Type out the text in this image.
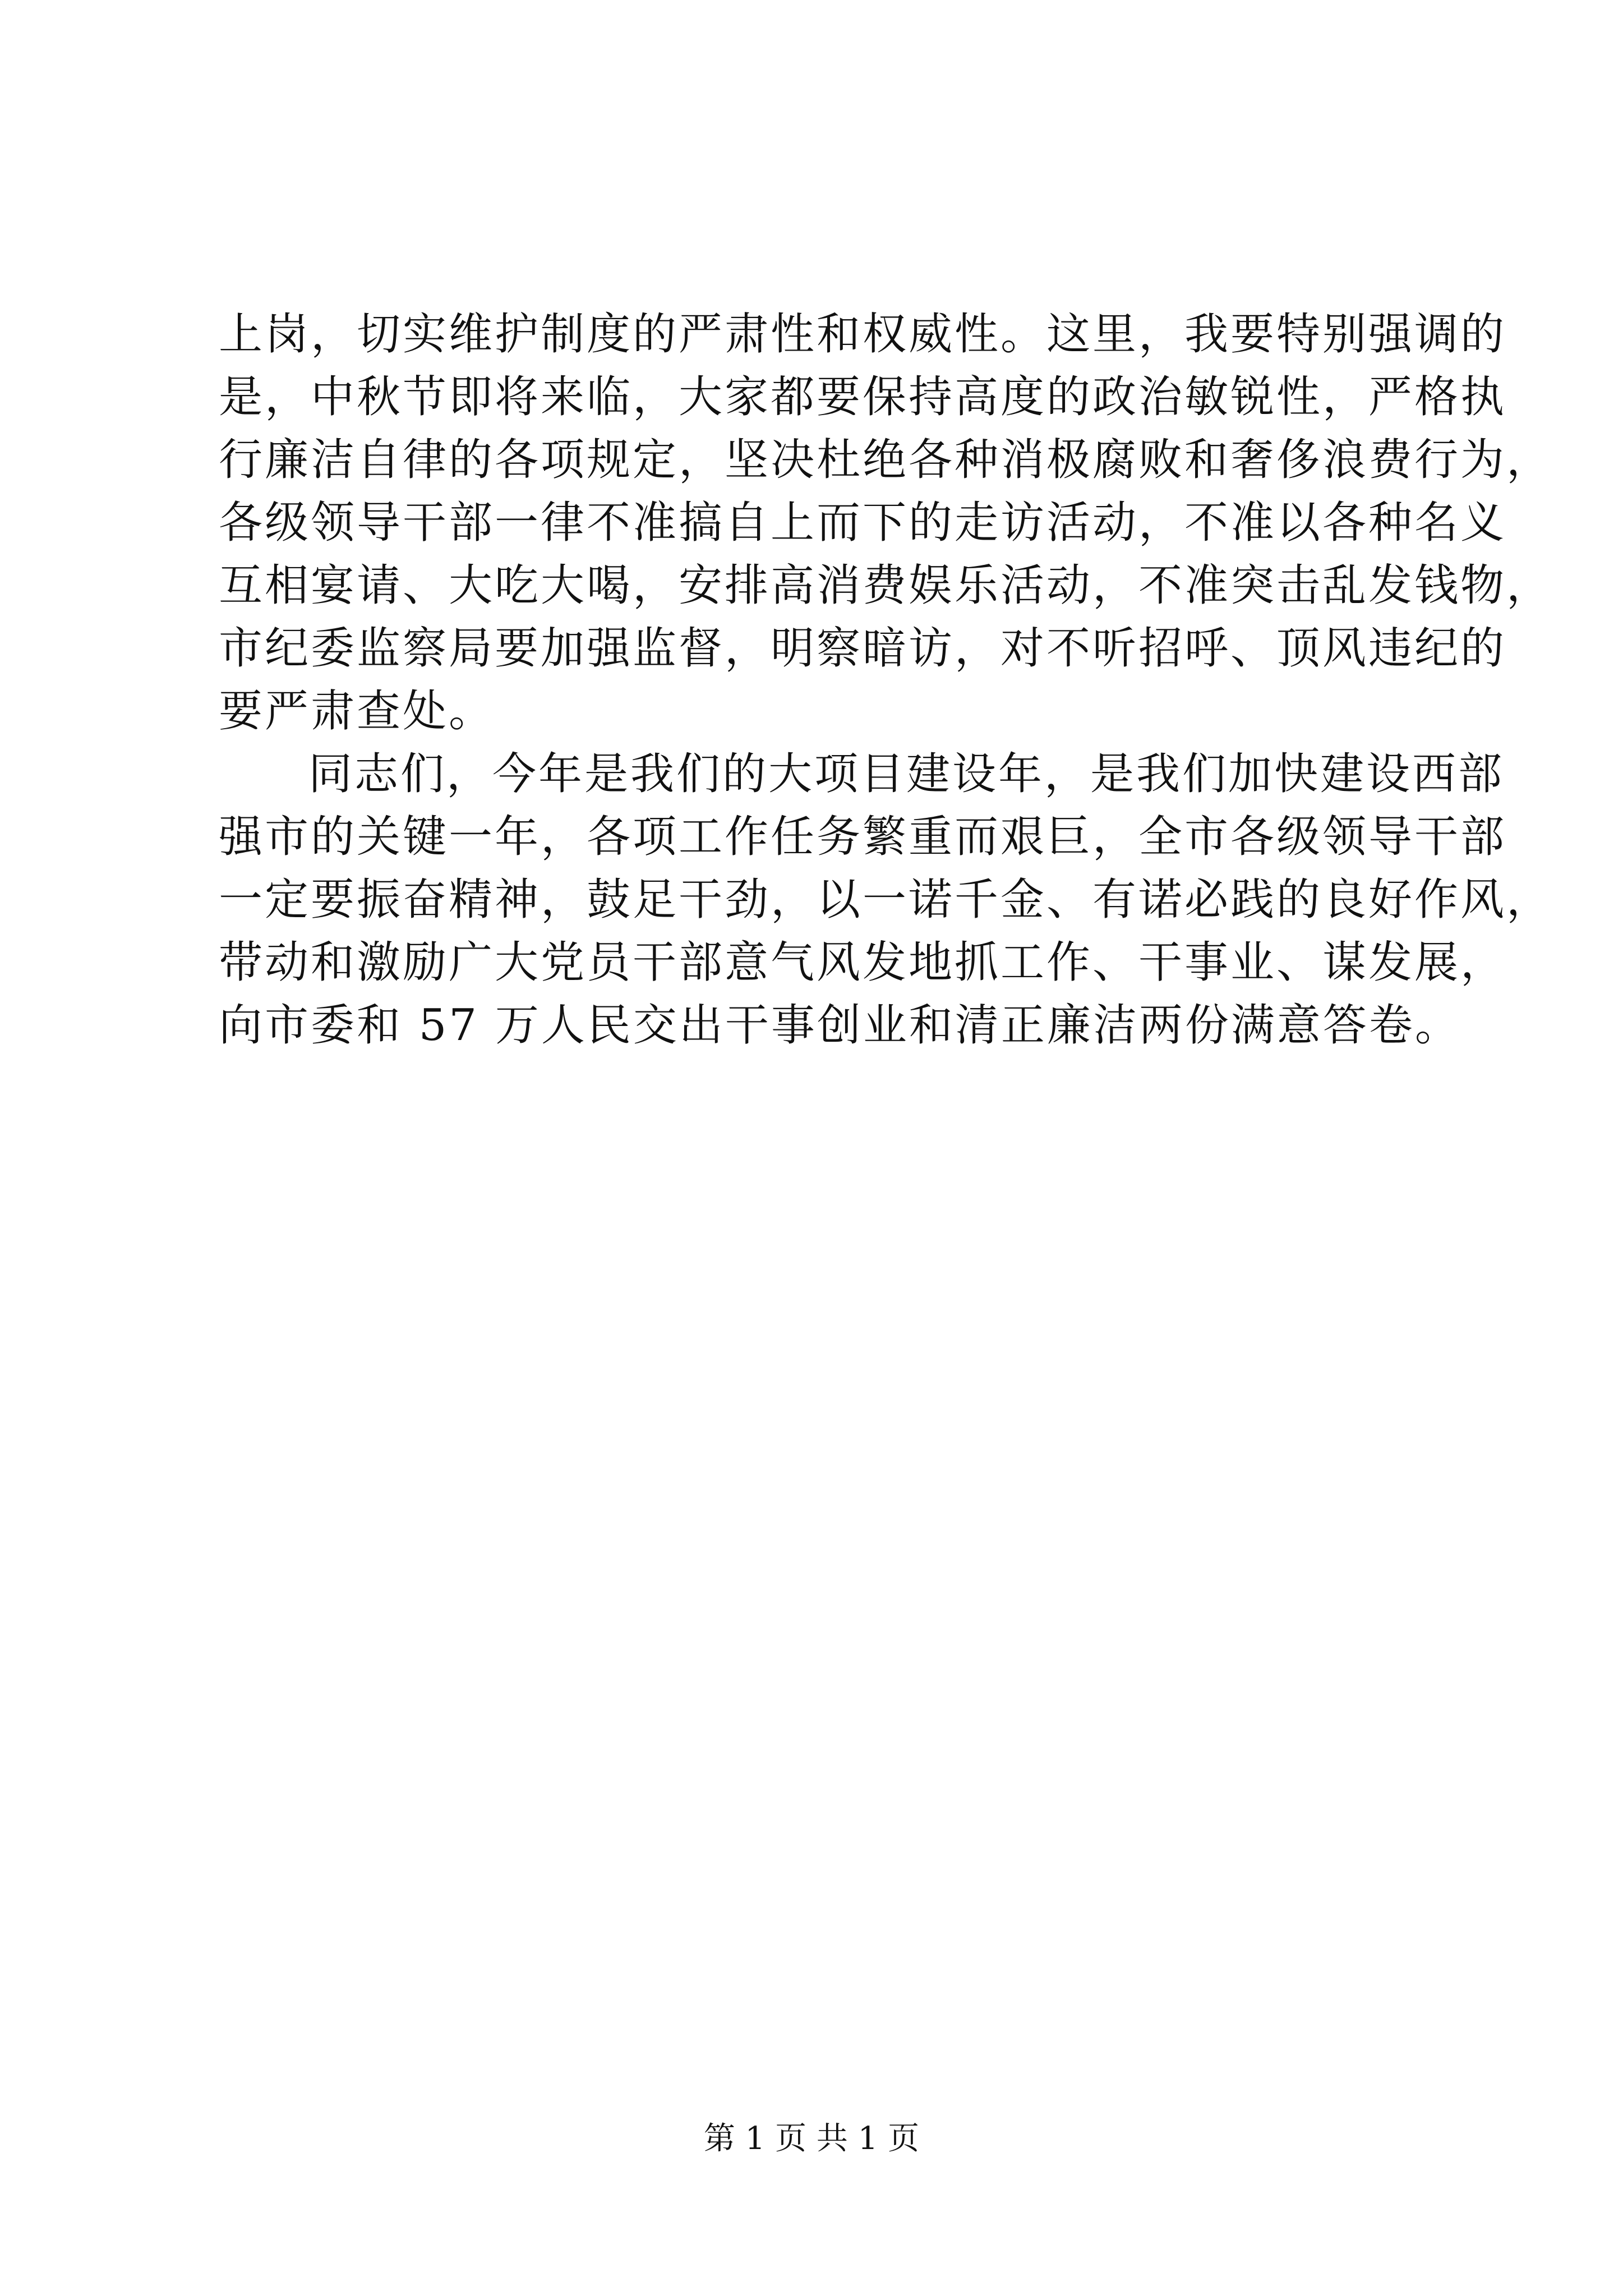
上岗，切实维护制度的严肃性和权威性。这里，我要特别强调的
是，中秋节即将来临，大家都要保持高度的政治敏锐性，严格执
行廉洁自律的各项规定，坚决杜绝各种消极腐败和奢侈浪费行为，
各级领导干部一律不准搞自上而下的走访活动，不准以各种名义
互相宴请、大吃大喝，安排高消费娱乐活动，不准突击乱发钱物，
市纪委监察局要加强监督，明察暗访，对不听招呼、顶风违纪的
要严肃查处。
同志们，今年是我们的大项目建设年，是我们加快建设西部
强市的关键一年，各项工作任务繁重而艰巨，全市各级领导干部
一定要振奋精神，鼓足干劲，以一诺千金、有诺必践的良好作风，
带动和激励广大党员干部意气风发地抓工作、干事业、谋发展，
向市委和 57 万人民交出干事创业和清正廉洁两份满意答卷。
第 1 页 共 1 页
